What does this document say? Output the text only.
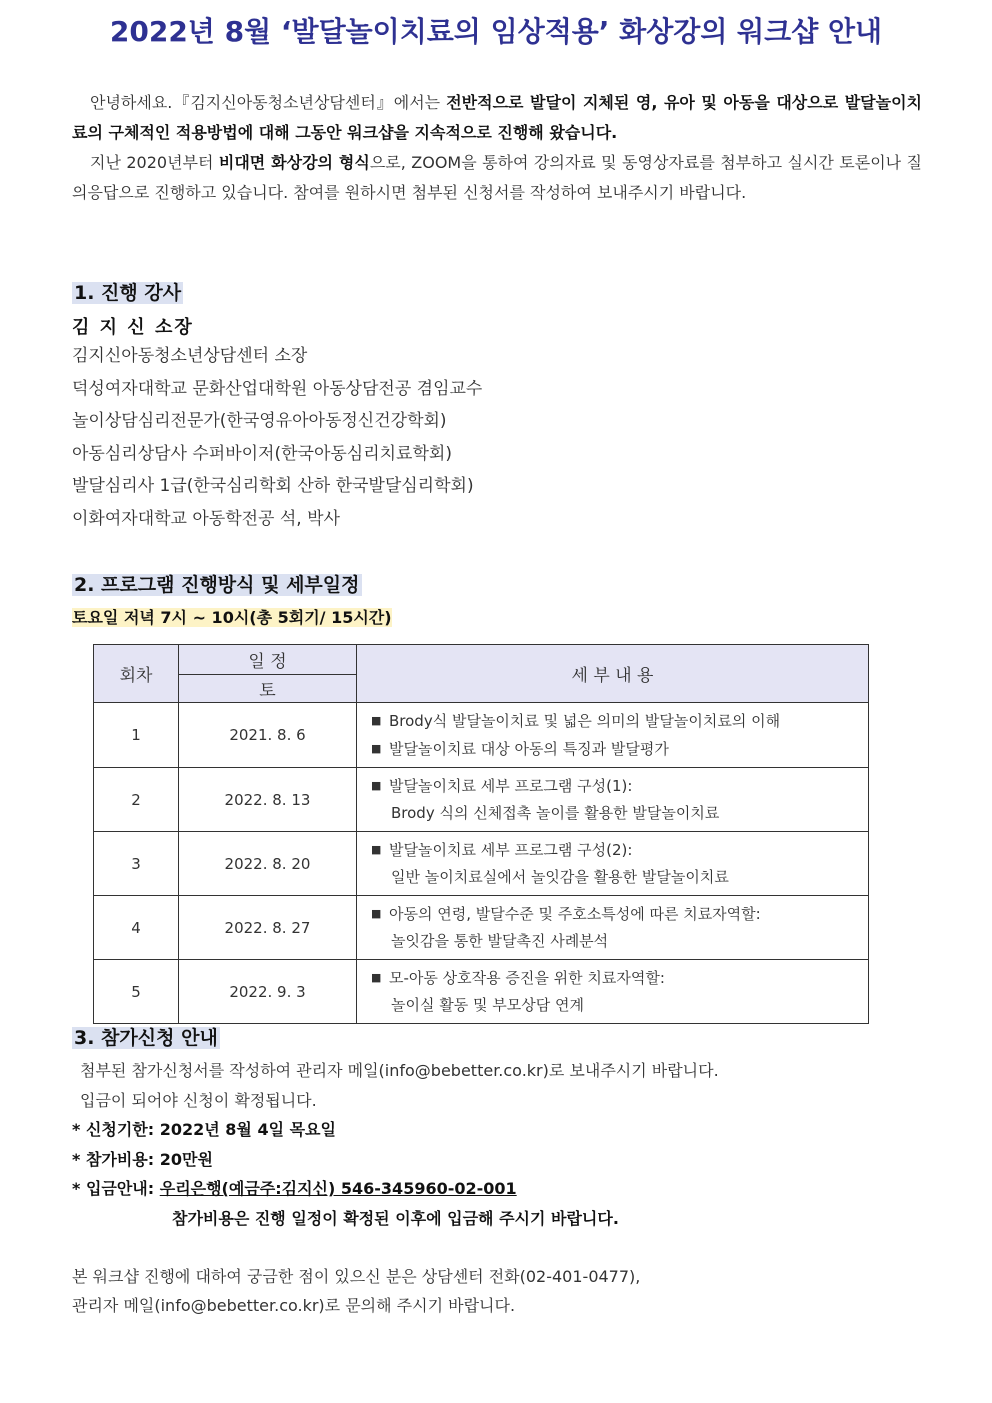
2022년 8월 ‘발달놀이치료의 임상적용’ 화상강의 워크샵 안내

안녕하세요.『김지신아동청소년상담센터』에서는 전반적으로 발달이 지체된 영, 유아 및 아동을 대상으로 발달놀이치료의 구체적인 적용방법에 대해 그동안 워크샵을 지속적으로 진행해 왔습니다.

지난 2020년부터 비대면 화상강의 형식으로, ZOOM을 통하여 강의자료 및 동영상자료를 첨부하고 실시간 토론이나 질의응답으로 진행하고 있습니다. 참여를 원하시면 첨부된 신청서를 작성하여 보내주시기 바랍니다.

1. 진행 강사
김 지 신 소장
김지신아동청소년상담센터 소장
덕성여자대학교 문화산업대학원 아동상담전공 겸임교수
놀이상담심리전문가(한국영유아아동정신건강학회)
아동심리상담사 수퍼바이저(한국아동심리치료학회)
발달심리사 1급(한국심리학회 산하 한국발달심리학회)
이화여자대학교 아동학전공 석, 박사
2. 프로그램 진행방식 및 세부일정
토요일 저녁 7시 ~ 10시(총 5회기/ 15시간)
회차	일 정	세 부 내 용
	토	
1	2021. 8. 6	■ Brody식 발달놀이치료 및 넓은 의미의 발달놀이치료의 이해
■ 발달놀이치료 대상 아동의 특징과 발달평가

2	2022. 8. 13	■ 발달놀이치료 세부 프로그램 구성(1):
Brody 식의 신체접촉 놀이를 활용한 발달놀이치료

3	2022. 8. 20	■ 발달놀이치료 세부 프로그램 구성(2):
일반 놀이치료실에서 놀잇감을 활용한 발달놀이치료

4	2022. 8. 27	■ 아동의 연령, 발달수준 및 주호소특성에 따른 치료자역할:
놀잇감을 통한 발달촉진 사례분석

5	2022. 9. 3	■ 모-아동 상호작용 증진을 위한 치료자역할:
놀이실 활동 및 부모상담 연계
3. 참가신청 안내
첨부된 참가신청서를 작성하여 관리자 메일(info@bebetter.co.kr)로 보내주시기 바랍니다.
입금이 되어야 신청이 확정됩니다.
* 신청기한: 2022년 8월 4일 목요일
* 참가비용: 20만원
* 입금안내: 우리은행(예금주:김지신) 546-345960-02-001
참가비용은 진행 일정이 확정된 이후에 입금해 주시기 바랍니다.
본 워크샵 진행에 대하여 궁금한 점이 있으신 분은 상담센터 전화(02-401-0477),
관리자 메일(info@bebetter.co.kr)로 문의해 주시기 바랍니다.
